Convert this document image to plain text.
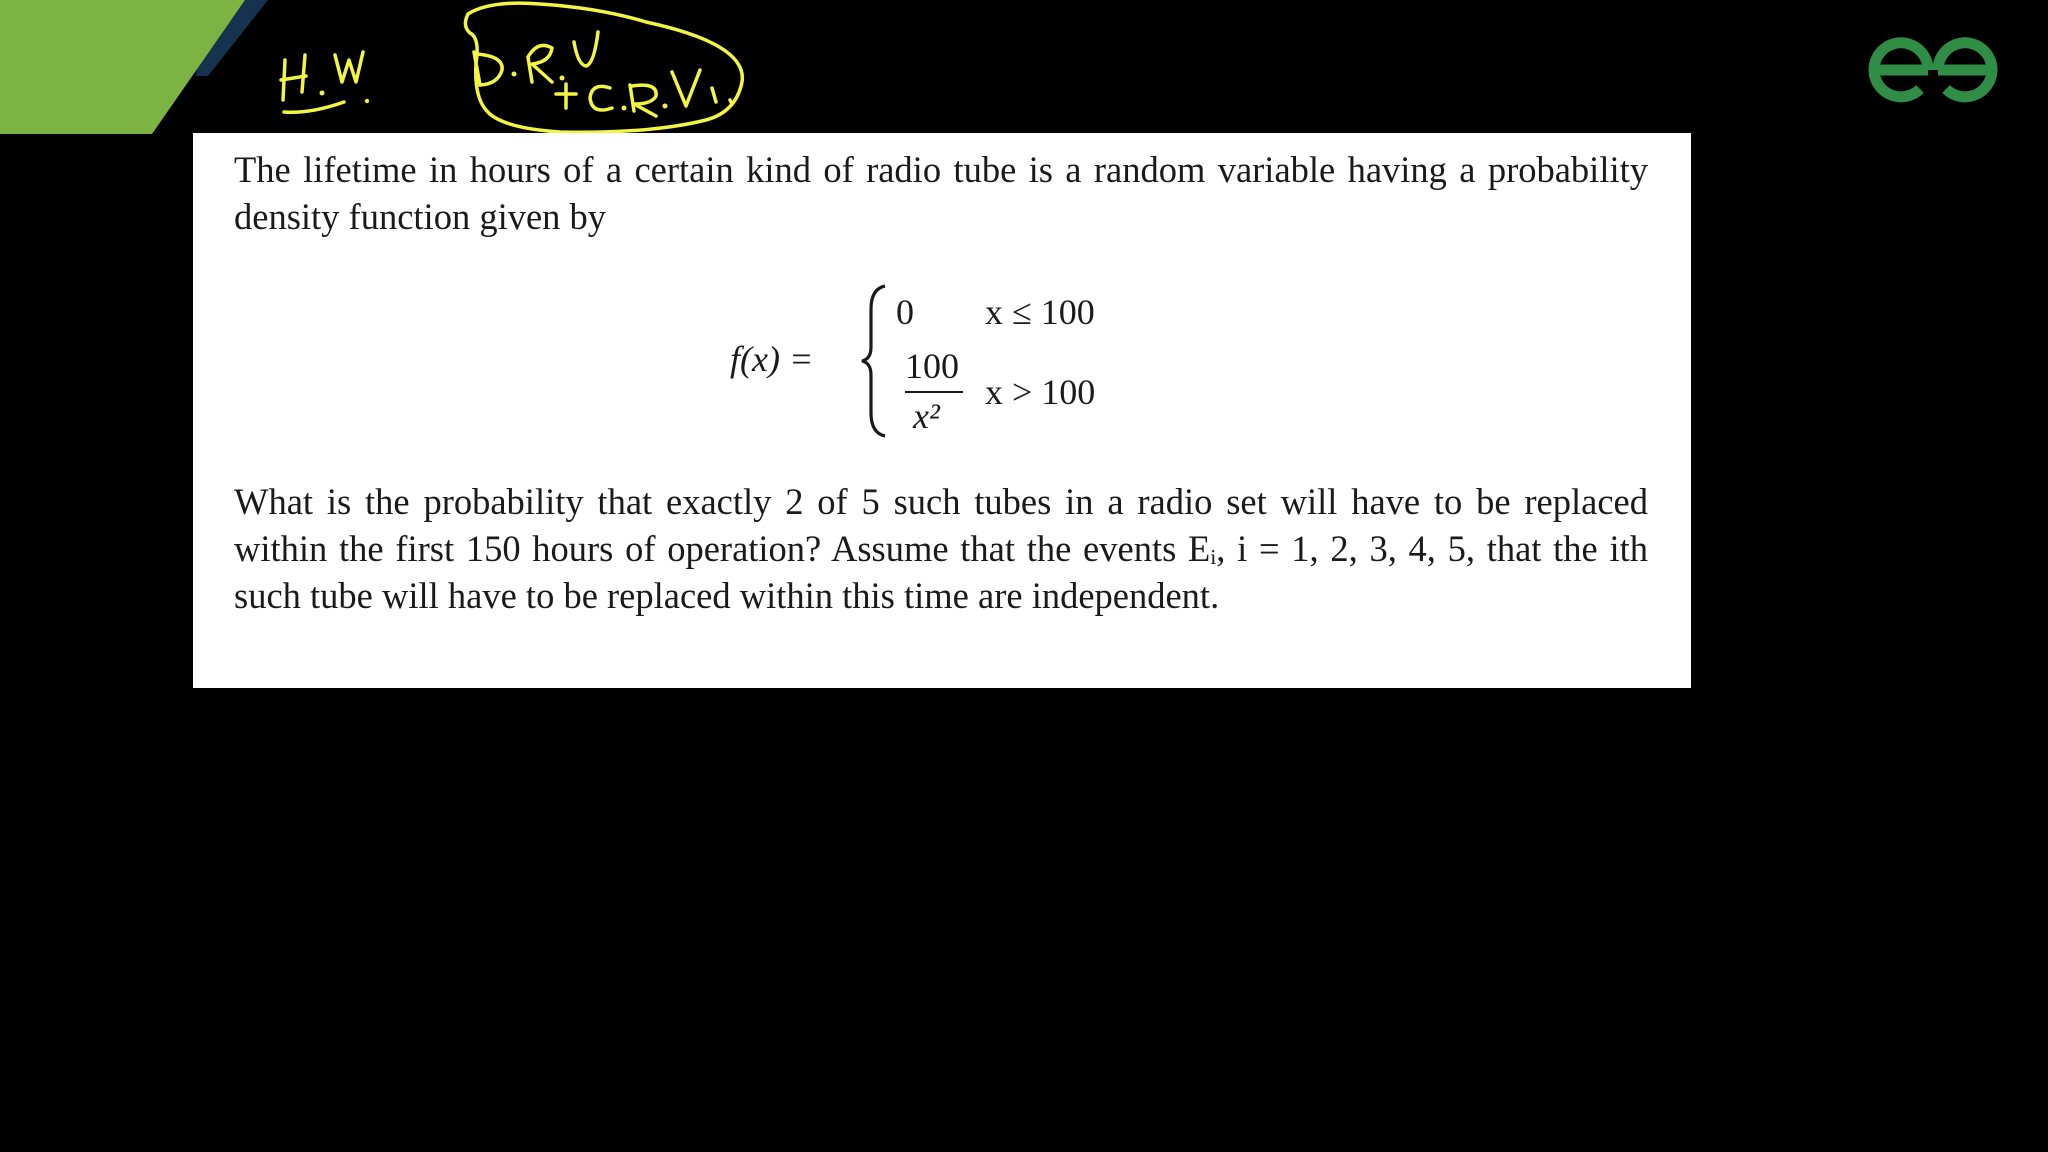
The lifetime in hours of a certain kind of radio tube is a random variable having a probability density function given by

f(x) =
0 x ≤ 100
100
x²
x > 100

What is the probability that exactly 2 of 5 such tubes in a radio set will have to be replaced within the first 150 hours of operation? Assume that the events Eᵢ, i = 1, 2, 3, 4, 5, that the ith such tube will have to be replaced within this time are independent.
